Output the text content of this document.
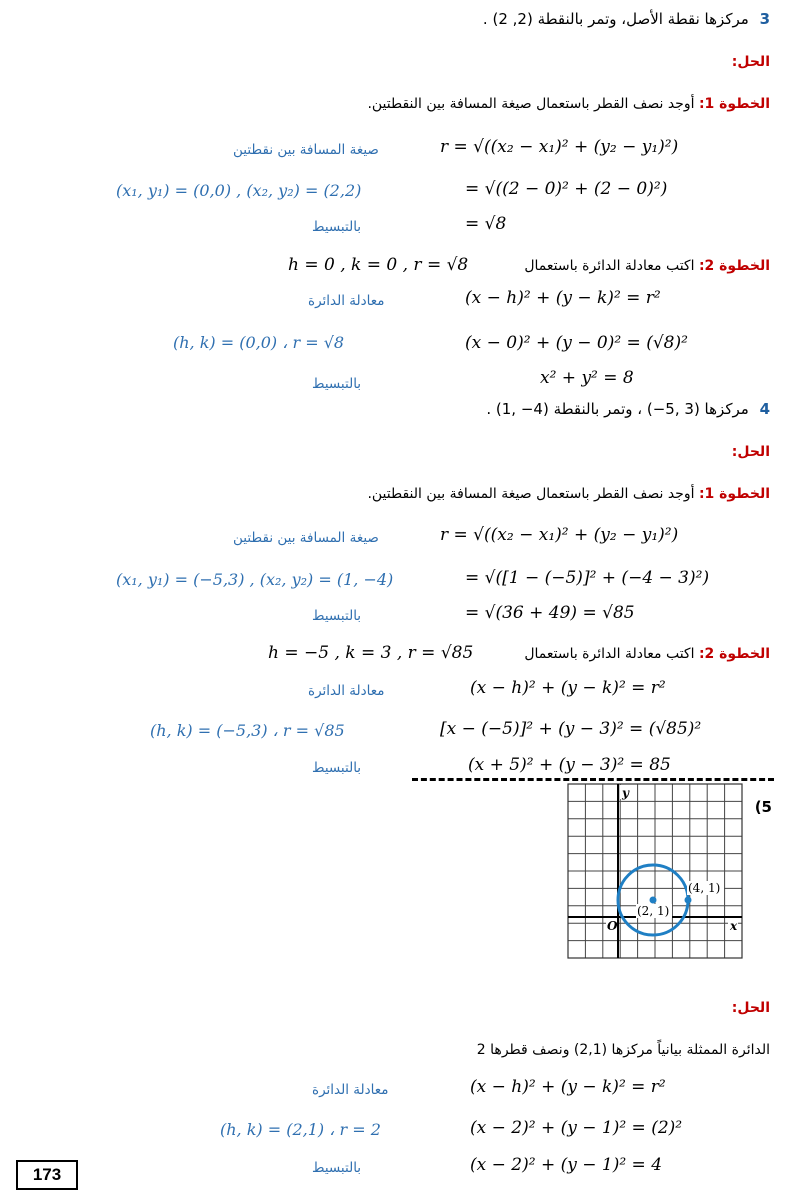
3 مركزها نقطة الأصل، وتمر بالنقطة (2, 2) .
الحل:
الخطوة 1: أوجد نصف القطر باستعمال صيغة المسافة بين النقطتين.
صيغة المسافة بين نقطتين	r = √((x₂ − x₁)² + (y₂ − y₁)²)
(x₁, y₁) = (0,0) , (x₂, y₂) = (2,2)	= √((2 − 0)² + (2 − 0)²)
بالتبسيط	= √8
الخطوة 2: اكتب معادلة الدائرة باستعمال
h = 0 , k = 0 , r = √8
معادلة الدائرة	(x − h)² + (y − k)² = r²
(h, k) = (0,0) ، r = √8	(x − 0)² + (y − 0)² = (√8)²
بالتبسيط	x² + y² = 8
4 مركزها (3 ,5−) ، وتمر بالنقطة (4− ,1) .
الحل:
الخطوة 1: أوجد نصف القطر باستعمال صيغة المسافة بين النقطتين.
صيغة المسافة بين نقطتين	r = √((x₂ − x₁)² + (y₂ − y₁)²)
(x₁, y₁) = (−5,3) , (x₂, y₂) = (1, −4)	= √([1 − (−5)]² + (−4 − 3)²)
بالتبسيط	= √(36 + 49) = √85
الخطوة 2: اكتب معادلة الدائرة باستعمال
h = −5 , k = 3 , r = √85
معادلة الدائرة	(x − h)² + (y − k)² = r²
(h, k) = (−5,3) ، r = √85	[x − (−5)]² + (y − 3)² = (√85)²
بالتبسيط	(x + 5)² + (y − 3)² = 85
(5
y
x
O
(2, 1)
(4, 1)
الحل:
الدائرة الممثلة بيانياً مركزها (2,1) ونصف قطرها 2
معادلة الدائرة	(x − h)² + (y − k)² = r²
(h, k) = (2,1) ، r = 2	(x − 2)² + (y − 1)² = (2)²
بالتبسيط	(x − 2)² + (y − 1)² = 4
173
